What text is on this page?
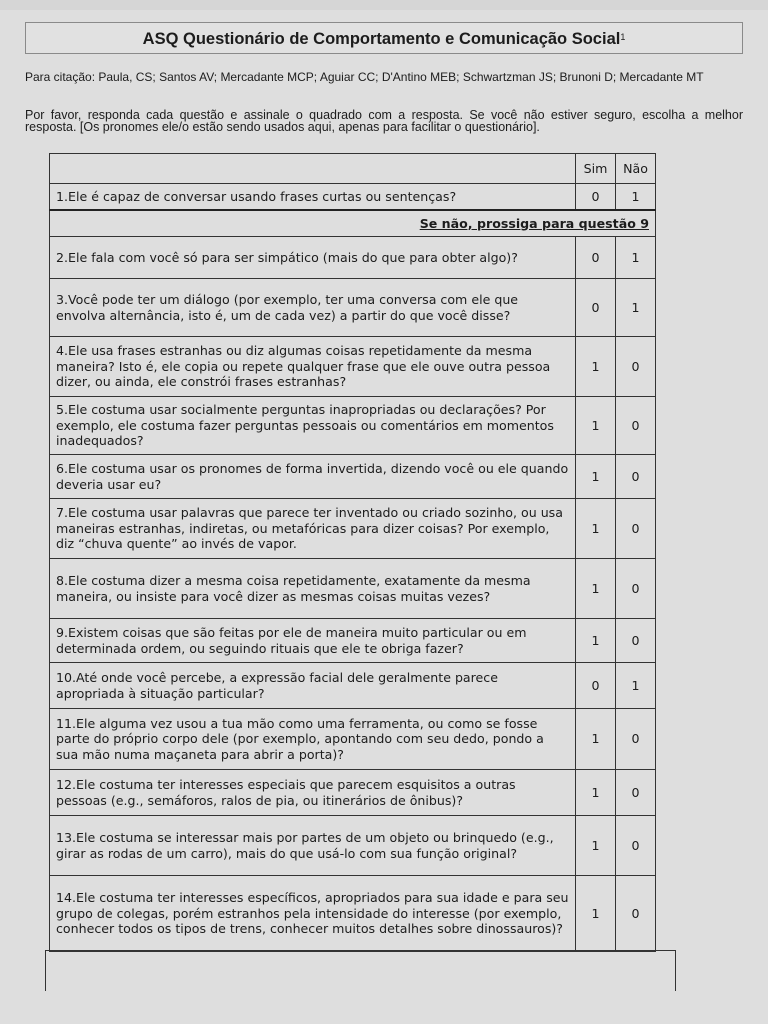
ASQ Questionário de Comportamento e Comunicação Social$^1$

Para citação: Paula, CS; Santos AV; Mercadante MCP; Aguiar CC; D'Antino MEB; Schwartzman JS; Brunoni D; Mercadante MT
Por favor, responda cada questão e assinale o quadrado com a resposta. Se você não estiver seguro, escolha a melhor resposta. [Os pronomes ele/o estão sendo usados aqui, apenas para facilitar o questionário].
	Sim	Não
1.Ele é capaz de conversar usando frases curtas ou sentenças?	0	1
Se não, prossiga para questão 9		
2.Ele fala com você só para ser simpático (mais do que para obter algo)?	0	1
3.Você pode ter um diálogo (por exemplo, ter uma conversa com ele que envolva alternância, isto é, um de cada vez) a partir do que você disse?	0	1
4.Ele usa frases estranhas ou diz algumas coisas repetidamente da mesma maneira? Isto é, ele copia ou repete qualquer frase que ele ouve outra pessoa dizer, ou ainda, ele constrói frases estranhas?	1	0
5.Ele costuma usar socialmente perguntas inapropriadas ou declarações? Por exemplo, ele costuma fazer perguntas pessoais ou comentários em momentos inadequados?	1	0
6.Ele costuma usar os pronomes de forma invertida, dizendo você ou ele quando deveria usar eu?	1	0
7.Ele costuma usar palavras que parece ter inventado ou criado sozinho, ou usa maneiras estranhas, indiretas, ou metafóricas para dizer coisas? Por exemplo, diz “chuva quente” ao invés de vapor.	1	0
8.Ele costuma dizer a mesma coisa repetidamente, exatamente da mesma maneira, ou insiste para você dizer as mesmas coisas muitas vezes?	1	0
9.Existem coisas que são feitas por ele de maneira muito particular ou em determinada ordem, ou seguindo rituais que ele te obriga fazer?	1	0
10.Até onde você percebe, a expressão facial dele geralmente parece apropriada à situação particular?	0	1
11.Ele alguma vez usou a tua mão como uma ferramenta, ou como se fosse parte do próprio corpo dele (por exemplo, apontando com seu dedo, pondo a sua mão numa maçaneta para abrir a porta)?	1	0
12.Ele costuma ter interesses especiais que parecem esquisitos a outras pessoas (e.g., semáforos, ralos de pia, ou itinerários de ônibus)?	1	0
13.Ele costuma se interessar mais por partes de um objeto ou brinquedo (e.g., girar as rodas de um carro), mais do que usá-lo com sua função original?	1	0
14.Ele costuma ter interesses específicos, apropriados para sua idade e para seu grupo de colegas, porém estranhos pela intensidade do interesse (por exemplo, conhecer todos os tipos de trens, conhecer muitos detalhes sobre dinossauros)?	1	0
